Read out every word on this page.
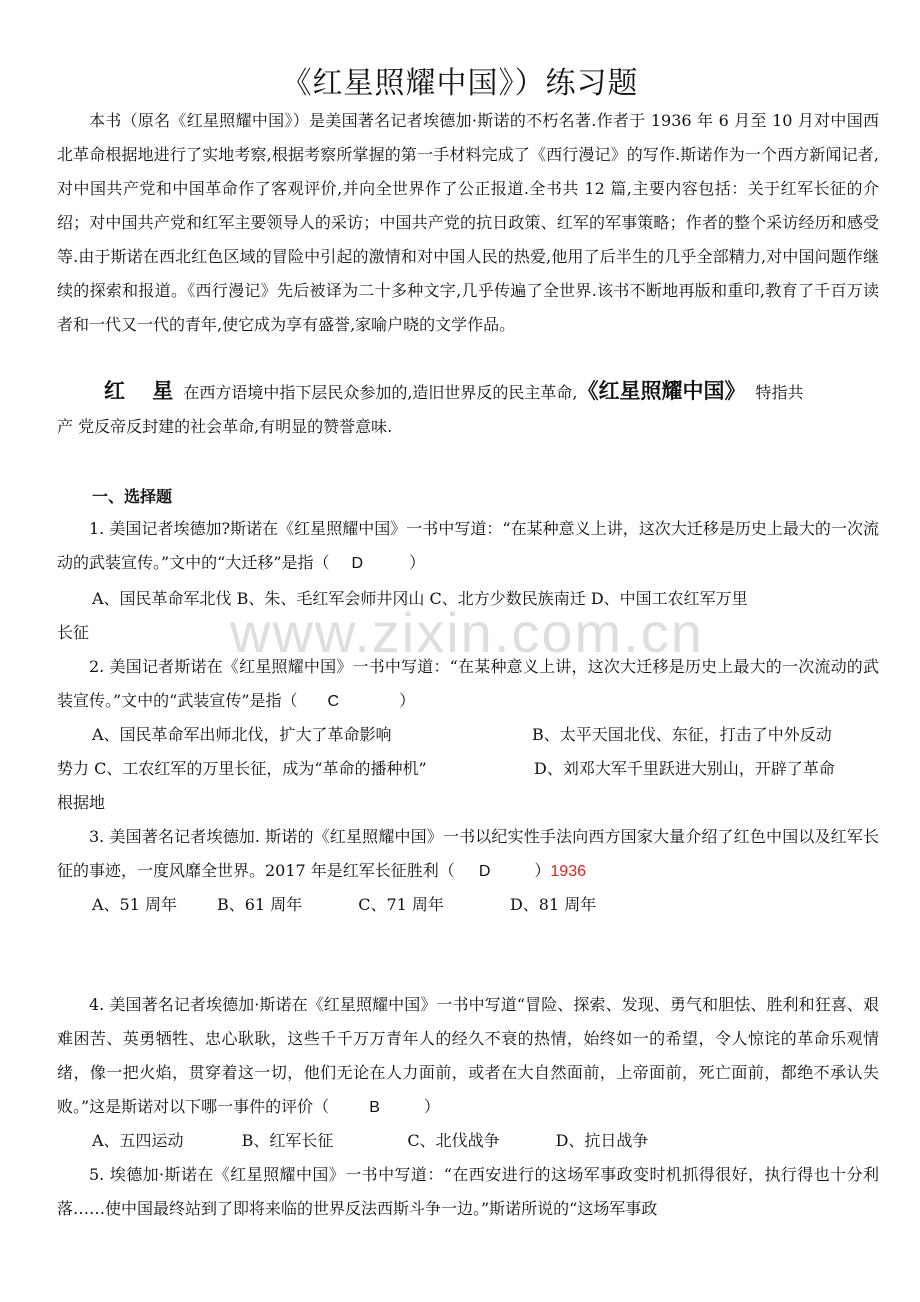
www.zixin.com.cn
《红星照耀中国》）练习题
本书（原名《红星照耀中国》）是美国著名记者埃德加·斯诺的不朽名著.作者于 1936 年 6 月至 10 月对中国西北革命根据地进行了实地考察,根据考察所掌握的第一手材料完成了《西行漫记》的写作.斯诺作为一个西方新闻记者,对中国共产党和中国革命作了客观评价,并向全世界作了公正报道.全书共 12 篇,主要内容包括：关于红军长征的介绍；对中国共产党和红军主要领导人的采访；中国共产党的抗日政策、红军的军事策略；作者的整个采访经历和感受等.由于斯诺在西北红色区域的冒险中引起的激情和对中国人民的热爱,他用了后半生的几乎全部精力,对中国问题作继续的探索和报道。《西行漫记》先后被译为二十多种文字,几乎传遍了全世界.该书不断地再版和重印,教育了千百万读者和一代又一代的青年,使它成为享有盛誉,家喻户晓的文学作品。
红 星在西方语境中指下层民众参加的,造旧世界反的民主革命,《红星照耀中国》 特指共
产 党反帝反封建的社会革命,有明显的赞誉意味.
一、选择题
1. 美国记者埃德加?斯诺在《红星照耀中国》一书中写道：“在某种意义上讲，这次大迁移是历史上最大的一次流动的武装宣传。”文中的“大迁移”是指（ D	）
A、国民革命军北伐 B、朱、毛红军会师井冈山 C、北方少数民族南迁 D、中国工农红军万里
长征
2. 美国记者斯诺在《红星照耀中国》一书中写道：“在某种意义上讲，这次大迁移是历史上最大的一次流动的武装宣传。”文中的“武装宣传”是指（ C	）
A、国民革命军出师北伐，扩大了革命影响	B、太平天国北伐、东征，打击了中外反动
势力 C、工农红军的万里长征，成为“革命的播种机”	D、刘邓大军千里跃进大别山，开辟了革命
根据地
3. 美国著名记者埃德加. 斯诺的《红星照耀中国》一书以纪实性手法向西方国家大量介绍了红色中国以及红军长征的事迹，一度风靡全世界。2017 年是红军长征胜利（ D	）1936
A、51 周年	B、61 周年	C、71 周年	D、81 周年
4. 美国著名记者埃德加·斯诺在《红星照耀中国》一书中写道“冒险、探索、发现、勇气和胆怯、胜利和狂喜、艰难困苦、英勇牺牲、忠心耿耿，这些千千万万青年人的经久不衰的热情，始终如一的希望，令人惊诧的革命乐观情绪，像一把火焰，贯穿着这一切，他们无论在人力面前，或者在大自然面前，上帝面前，死亡面前，都绝不承认失败。”这是斯诺对以下哪一事件的评价（	B	）
A、五四运动	B、红军长征	C、北伐战争	D、抗日战争
5. 埃德加·斯诺在《红星照耀中国》一书中写道：“在西安进行的这场军事政变时机抓得很好，执行得也十分利落……使中国最终站到了即将来临的世界反法西斯斗争一边。”斯诺所说的“这场军事政
